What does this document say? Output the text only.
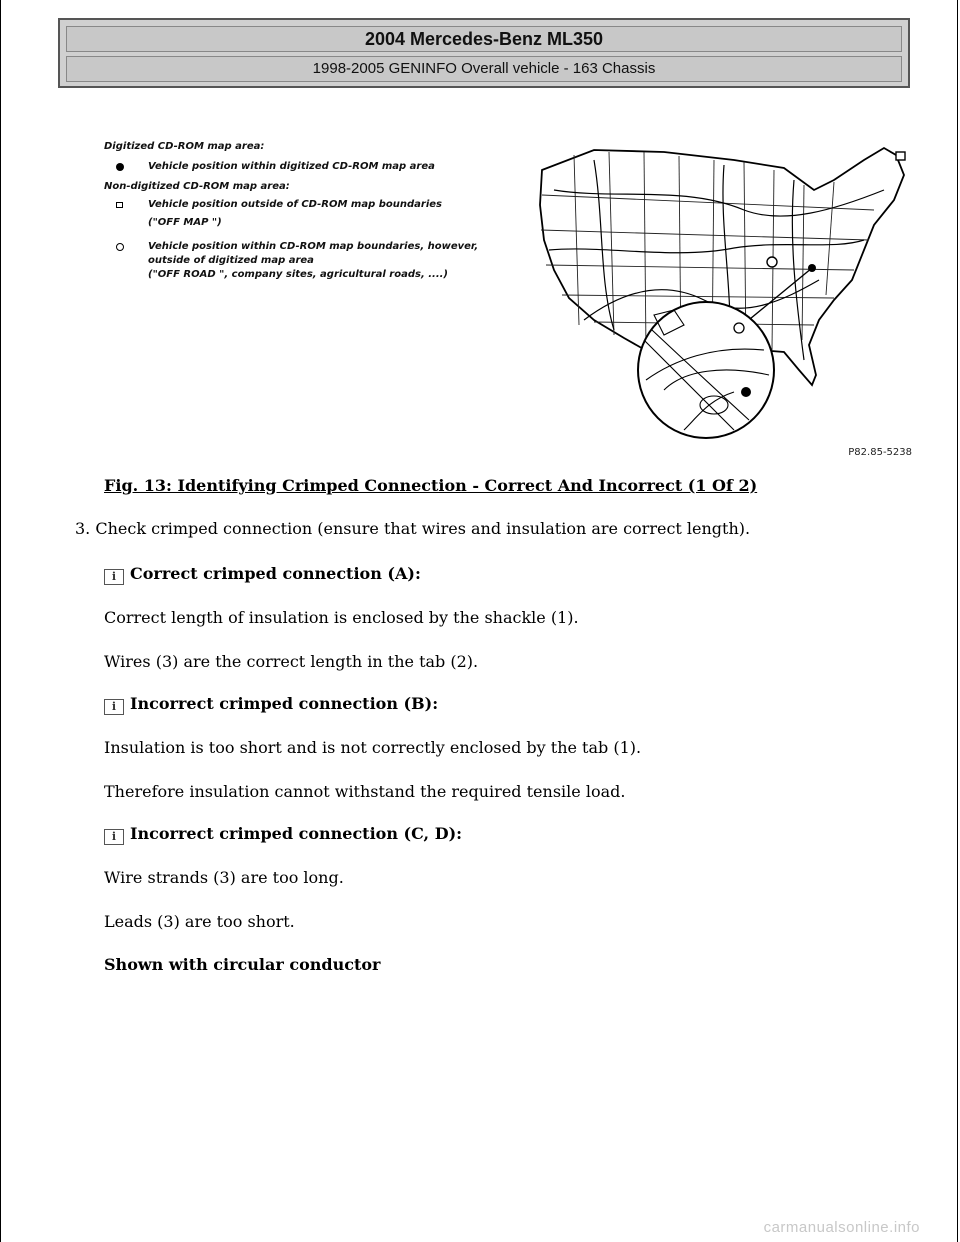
2004 Mercedes-Benz ML350
1998-2005 GENINFO Overall vehicle - 163 Chassis
Digitized CD-ROM map area:
Vehicle position within digitized CD-ROM map area
Non-digitized CD-ROM map area:
Vehicle position outside of CD-ROM map boundaries
("OFF MAP ")
Vehicle position within CD-ROM map boundaries, however,
outside of digitized map area
("OFF ROAD ", company sites, agricultural roads, ....)
P82.85-5238
Fig. 13: Identifying Crimped Connection - Correct And Incorrect (1 Of 2)
3. Check crimped connection (ensure that wires and insulation are correct length).
i Correct crimped connection (A):
Correct length of insulation is enclosed by the shackle (1).
Wires (3) are the correct length in the tab (2).
i Incorrect crimped connection (B):
Insulation is too short and is not correctly enclosed by the tab (1).
Therefore insulation cannot withstand the required tensile load.
i Incorrect crimped connection (C, D):
Wire strands (3) are too long.
Leads (3) are too short.
Shown with circular conductor
carmanualsonline.info
